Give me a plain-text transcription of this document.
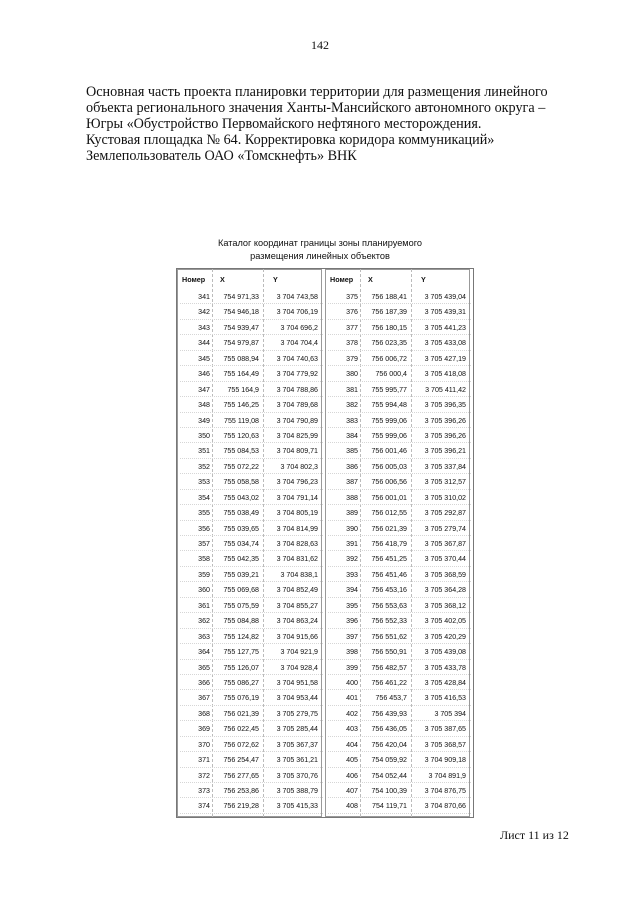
142
Основная часть проекта планировки территории для размещения линейного
объекта регионального значения Ханты-Мансийского автономного округа –
Югры «Обустройство Первомайского нефтяного месторождения.
Кустовая площадка № 64. Корректировка коридора коммуникаций»
Землепользователь ОАО «Томскнефть» ВНК
Каталог координат границы зоны планируемого
размещения линейных объектов
Номер X	Y
341	754 971,33	3 704 743,58
342	754 946,18	3 704 706,19
343	754 939,47	3 704 696,2
344	754 979,87	3 704 704,4
345	755 088,94	3 704 740,63
346	755 164,49	3 704 779,92
347	755 164,9	3 704 788,86
348	755 146,25	3 704 789,68
349	755 119,08	3 704 790,89
350	755 120,63	3 704 825,99
351	755 084,53	3 704 809,71
352	755 072,22	3 704 802,3
353	755 058,58	3 704 796,23
354	755 043,02	3 704 791,14
355	755 038,49	3 704 805,19
356	755 039,65	3 704 814,99
357	755 034,74	3 704 828,63
358	755 042,35	3 704 831,62
359	755 039,21	3 704 838,1
360	755 069,68	3 704 852,49
361	755 075,59	3 704 855,27
362	755 084,88	3 704 863,24
363	755 124,82	3 704 915,66
364	755 127,75	3 704 921,9
365	755 126,07	3 704 928,4
366	755 086,27	3 704 951,58
367	755 076,19	3 704 953,44
368	756 021,39	3 705 279,75
369	756 022,45	3 705 285,44
370	756 072,62	3 705 367,37
371	756 254,47	3 705 361,21
372	756 277,65	3 705 370,76
373	756 253,86	3 705 388,79
374	756 219,28	3 705 415,33
Номер X	Y
375	756 188,41	3 705 439,04
376	756 187,39	3 705 439,31
377	756 180,15	3 705 441,23
378	756 023,35	3 705 433,08
379	756 006,72	3 705 427,19
380	756 000,4	3 705 418,08
381	755 995,77	3 705 411,42
382	755 994,48	3 705 396,35
383	755 999,06	3 705 396,26
384	755 999,06	3 705 396,26
385	756 001,46	3 705 396,21
386	756 005,03	3 705 337,84
387	756 006,56	3 705 312,57
388	756 001,01	3 705 310,02
389	756 012,55	3 705 292,87
390	756 021,39	3 705 279,74
391	756 418,79	3 705 367,87
392	756 451,25	3 705 370,44
393	756 451,46	3 705 368,59
394	756 453,16	3 705 364,28
395	756 553,63	3 705 368,12
396	756 552,33	3 705 402,05
397	756 551,62	3 705 420,29
398	756 550,91	3 705 439,08
399	756 482,57	3 705 433,78
400	756 461,22	3 705 428,84
401	756 453,7	3 705 416,53
402	756 439,93	3 705 394
403	756 436,05	3 705 387,65
404	756 420,04	3 705 368,57
405	754 059,92	3 704 909,18
406	754 052,44	3 704 891,9
407	754 100,39	3 704 876,75
408	754 119,71	3 704 870,66
Лист 11 из 12
